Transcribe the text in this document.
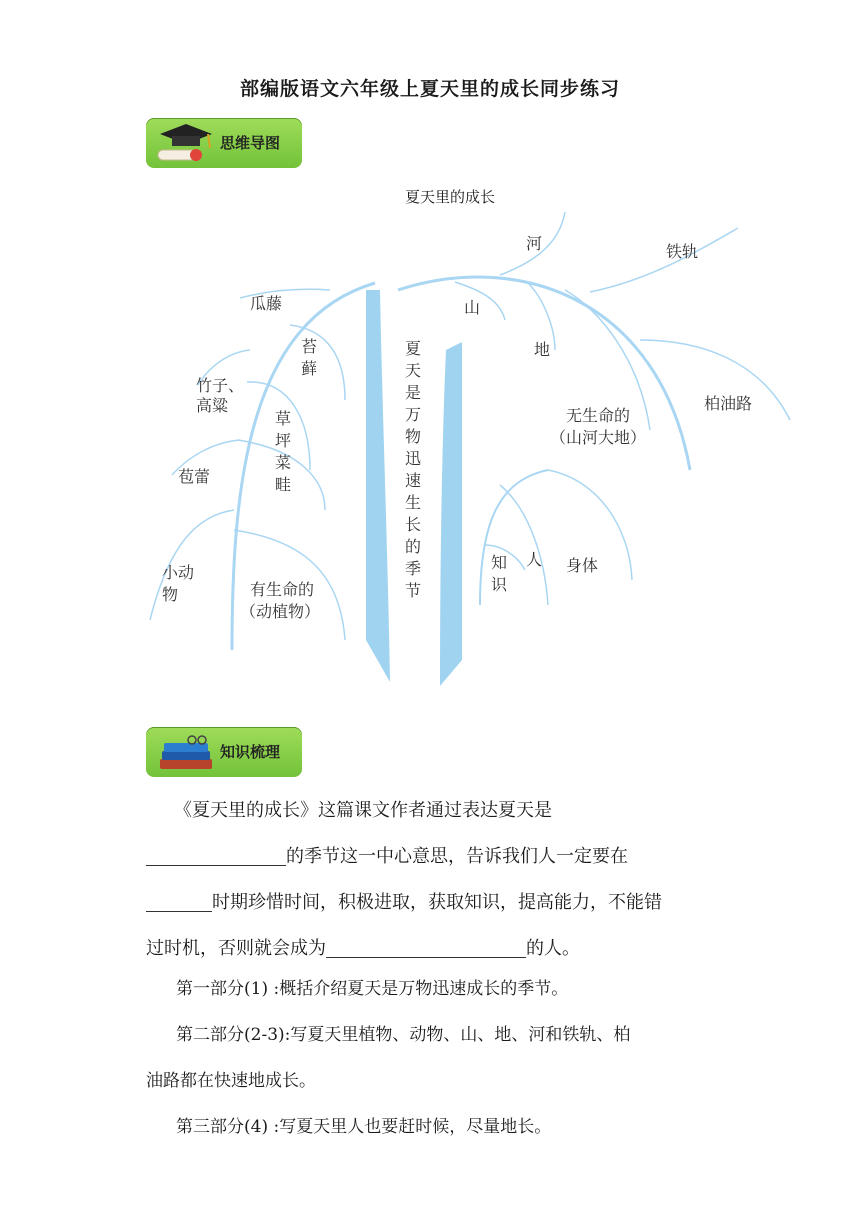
部编版语文六年级上夏天里的成长同步练习
思维导图
夏天里的成长
瓜藤
苔藓
竹子、
高粱
草坪菜畦
苞蕾
小动
物	有生命的
（动植物）
夏天是万物迅速生长的季节
河	铁轨
山
地
柏油路
无生命的
（山河大地）
人
知识
身体
知识梳理
《夏天里的成长》这篇课文作者通过表达夏天是
的季节这一中心意思，告诉我们人一定要在
时期珍惜时间，积极进取，获取知识，提高能力，不能错
过时机，否则就会成为	的人。
第一部分(1) :概括介绍夏天是万物迅速成长的季节。
第二部分(2-3):写夏天里植物、动物、山、地、河和铁轨、柏
油路都在快速地成长。
第三部分(4) :写夏天里人也要赶时候，尽量地长。
